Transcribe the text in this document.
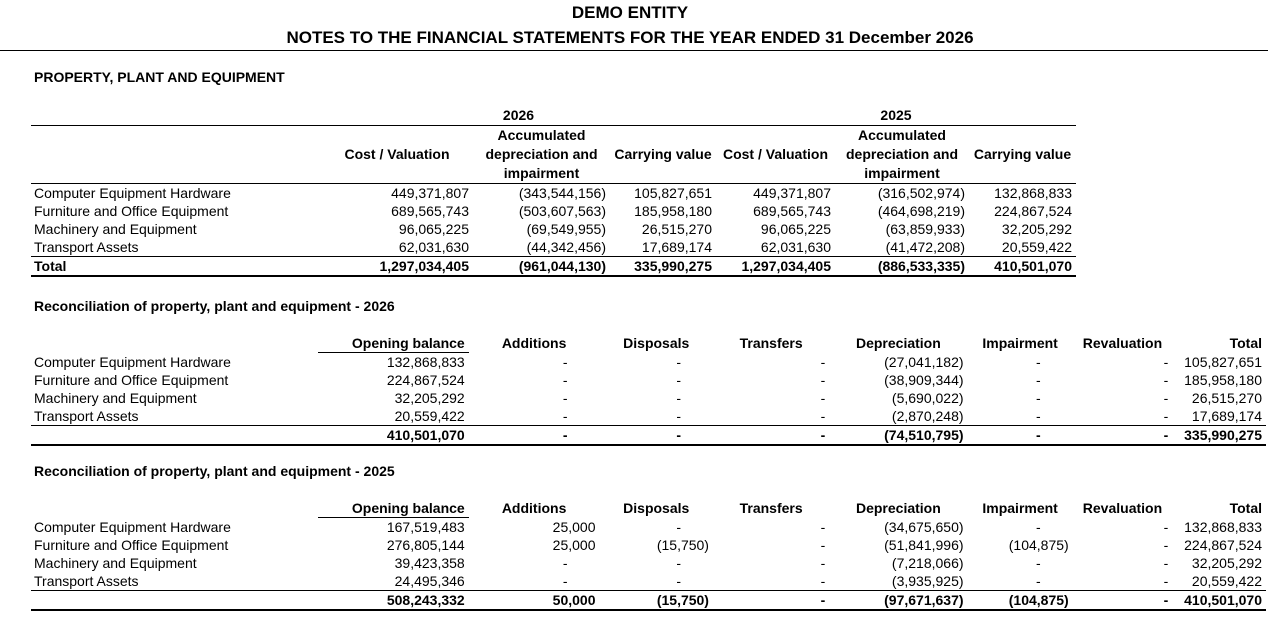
DEMO ENTITY
NOTES TO THE FINANCIAL STATEMENTS FOR THE YEAR ENDED 31 December 2026
PROPERTY, PLANT AND EQUIPMENT
	2026			2025		
	Cost / Valuation	Accumulated
depreciation and
impairment	Carrying value	Cost / Valuation	Accumulated
depreciation and
impairment	Carrying value
Computer Equipment Hardware	449,371,807	(343,544,156)	105,827,651	449,371,807	(316,502,974)	132,868,833
Furniture and Office Equipment	689,565,743	(503,607,563)	185,958,180	689,565,743	(464,698,219)	224,867,524
Machinery and Equipment	96,065,225	(69,549,955)	26,515,270	96,065,225	(63,859,933)	32,205,292
Transport Assets	62,031,630	(44,342,456)	17,689,174	62,031,630	(41,472,208)	20,559,422
Total	1,297,034,405	(961,044,130)	335,990,275	1,297,034,405	(886,533,335)	410,501,070
Reconciliation of property, plant and equipment - 2026
	Opening balance	Additions	Disposals	Transfers	Depreciation	Impairment	Revaluation	Total
Computer Equipment Hardware	132,868,833	-	-	-	(27,041,182)	-	-	105,827,651
Furniture and Office Equipment	224,867,524	-	-	-	(38,909,344)	-	-	185,958,180
Machinery and Equipment	32,205,292	-	-	-	(5,690,022)	-	-	26,515,270
Transport Assets	20,559,422	-	-	-	(2,870,248)	-	-	17,689,174
	410,501,070	-	-	-	(74,510,795)	-	-	335,990,275
Reconciliation of property, plant and equipment - 2025
	Opening balance	Additions	Disposals	Transfers	Depreciation	Impairment	Revaluation	Total
Computer Equipment Hardware	167,519,483	25,000	-	-	(34,675,650)	-	-	132,868,833
Furniture and Office Equipment	276,805,144	25,000	(15,750)	-	(51,841,996)	(104,875)	-	224,867,524
Machinery and Equipment	39,423,358	-	-	-	(7,218,066)	-	-	32,205,292
Transport Assets	24,495,346	-	-	-	(3,935,925)	-	-	20,559,422
	508,243,332	50,000	(15,750)	-	(97,671,637)	(104,875)	-	410,501,070
